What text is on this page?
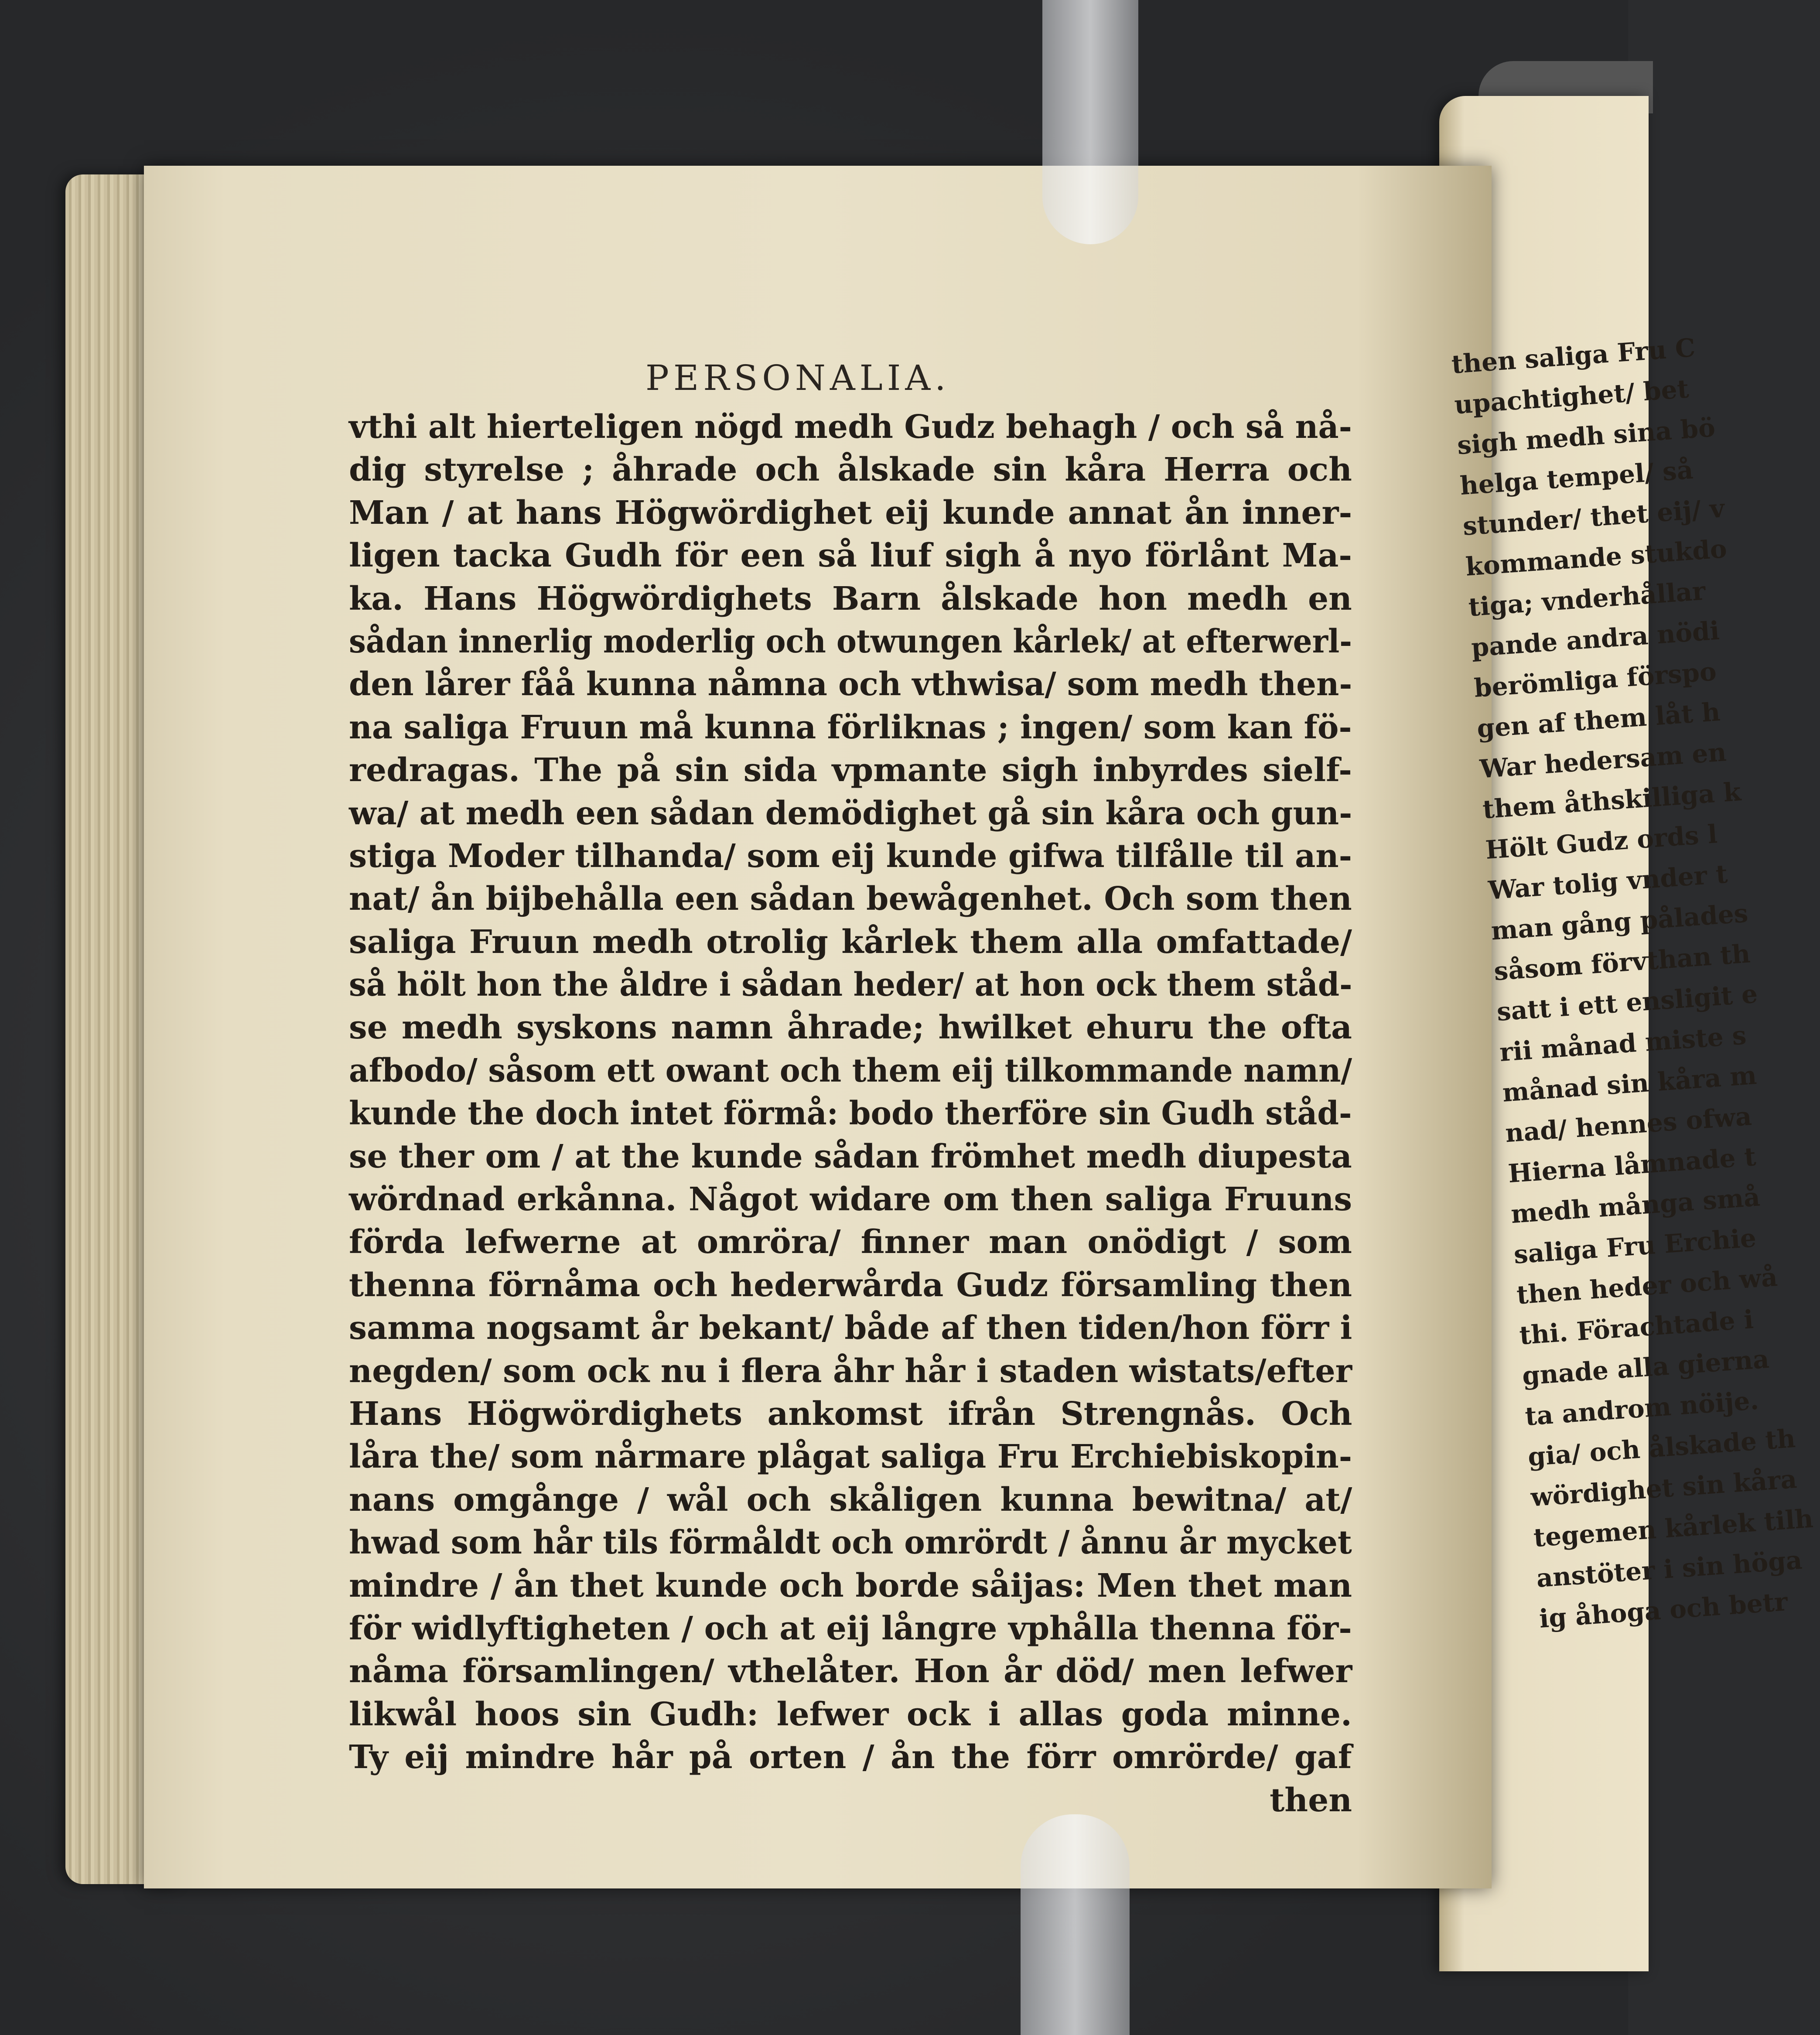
PERSONALIA.
vthi alt hierteligen nögd medh Gudz behagh / och så nå-
dig styrelse ; åhrade och ålskade sin kåra Herra och
Man / at hans Högwördighet eij kunde annat ån inner-
ligen tacka Gudh för een så liuf sigh å nyo förlånt Ma-
ka. Hans Högwördighets Barn ålskade hon medh en
sådan innerlig moderlig och otwungen kårlek/ at efterwerl-
den lårer fåå kunna nåmna och vthwisa/ som medh then-
na saliga Fruun må kunna förliknas ; ingen/ som kan fö-
redragas. The på sin sida vpmante sigh inbyrdes sielf-
wa/ at medh een sådan demödighet gå sin kåra och gun-
stiga Moder tilhanda/ som eij kunde gifwa tilfålle til an-
nat/ ån bijbehålla een sådan bewågenhet. Och som then
saliga Fruun medh otrolig kårlek them alla omfattade/
så hölt hon the åldre i sådan heder/ at hon ock them ståd-
se medh syskons namn åhrade; hwilket ehuru the ofta
afbodo/ såsom ett owant och them eij tilkommande namn/
kunde the doch intet förmå: bodo therföre sin Gudh ståd-
se ther om / at the kunde sådan frömhet medh diupesta
wördnad erkånna. Något widare om then saliga Fruuns
förda lefwerne at omröra/ finner man onödigt / som
thenna förnåma och hederwårda Gudz församling then
samma nogsamt år bekant/ både af then tiden/hon förr i
negden/ som ock nu i flera åhr hår i staden wistats/efter
Hans Högwördighets ankomst ifrån Strengnås. Och
låra the/ som nårmare plågat saliga Fru Erchiebiskopin-
nans omgånge / wål och skåligen kunna bewitna/ at/
hwad som hår tils förmåldt och omrördt / ånnu år mycket
mindre / ån thet kunde och borde såijas: Men thet man
för widlyftigheten / och at eij långre vphålla thenna för-
nåma församlingen/ vthelåter. Hon år död/ men lefwer
likwål hoos sin Gudh: lefwer ock i allas goda minne.
Ty eij mindre hår på orten / ån the förr omrörde/ gaf
then
then saliga Fru C
upachtighet/ bet
sigh medh sina bö
helga tempel/ så
stunder/ thet eij/ v
kommande stukdo
tiga; vnderhållar
pande andra nödi
berömliga förspo
gen af them låt h
War hedersam en
them åthskilliga k
Hölt Gudz ords l
War tolig vnder t
man gång pålades
såsom förvthan th
satt i ett ensligit e
rii månad miste s
månad sin kåra m
nad/ hennes ofwa
Hierna låmnade t
medh många små
saliga Fru Erchie
then heder och wå
thi. Förachtade i
gnade alla gierna
ta androm nöije.
gia/ och ålskade th
wördighet sin kåra
tegemen kårlek tilh
anstöter i sin höga
ig åhoga och betr
